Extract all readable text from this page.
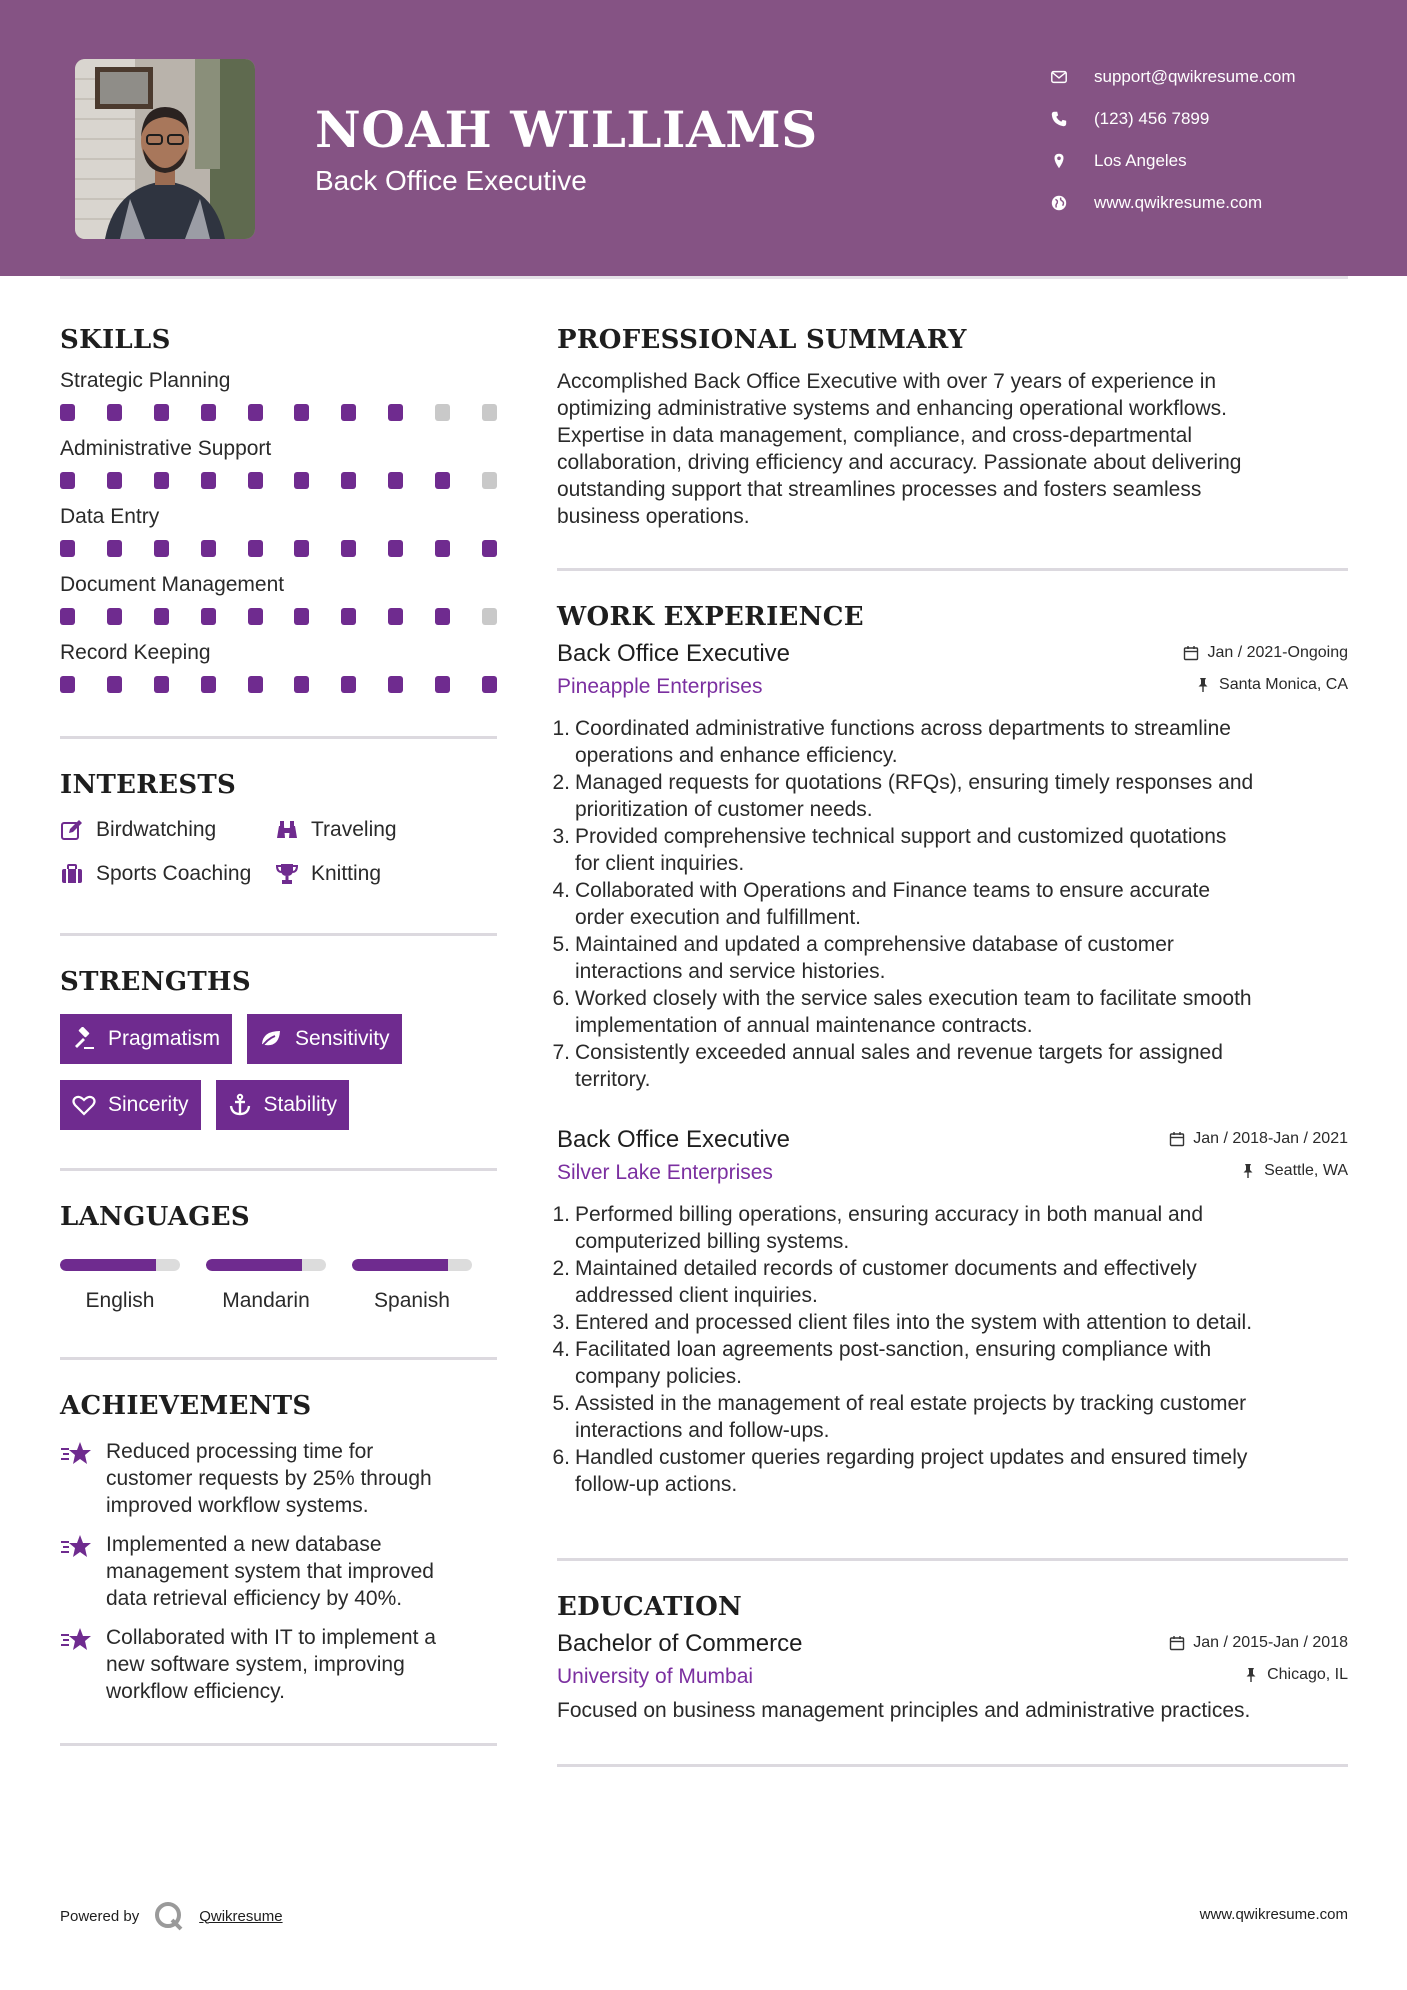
NOAH WILLIAMS
Back Office Executive
support@qwikresume.com
(123) 456 7899
Los Angeles
www.qwikresume.com
SKILLS
Strategic Planning
Administrative Support
Data Entry
Document Management
Record Keeping
INTERESTS
Birdwatching	Traveling
Sports Coaching	Knitting
STRENGTHS
Pragmatism	Sensitivity
Sincerity	Stability
LANGUAGES
English	Mandarin	Spanish
ACHIEVEMENTS
Reduced processing time for
customer requests by 25% through
improved workflow systems.
Implemented a new database
management system that improved
data retrieval efficiency by 40%.
Collaborated with IT to implement a
new software system, improving
workflow efficiency.
PROFESSIONAL SUMMARY
Accomplished Back Office Executive with over 7 years of experience in
optimizing administrative systems and enhancing operational workflows.
Expertise in data management, compliance, and cross-departmental
collaboration, driving efficiency and accuracy. Passionate about delivering
outstanding support that streamlines processes and fosters seamless
business operations.
WORK EXPERIENCE
Back Office Executive	Jan / 2021-Ongoing
Pineapple Enterprises	Santa Monica, CA
1. Coordinated administrative functions across departments to streamline
operations and enhance efficiency.
2. Managed requests for quotations (RFQs), ensuring timely responses and
prioritization of customer needs.
3. Provided comprehensive technical support and customized quotations
for client inquiries.
4. Collaborated with Operations and Finance teams to ensure accurate
order execution and fulfillment.
5. Maintained and updated a comprehensive database of customer
interactions and service histories.
6. Worked closely with the service sales execution team to facilitate smooth
implementation of annual maintenance contracts.
7. Consistently exceeded annual sales and revenue targets for assigned
territory.
Back Office Executive	Jan / 2018-Jan / 2021
Silver Lake Enterprises	Seattle, WA
1. Performed billing operations, ensuring accuracy in both manual and
computerized billing systems.
2. Maintained detailed records of customer documents and effectively
addressed client inquiries.
3. Entered and processed client files into the system with attention to detail.
4. Facilitated loan agreements post-sanction, ensuring compliance with
company policies.
5. Assisted in the management of real estate projects by tracking customer
interactions and follow-ups.
6. Handled customer queries regarding project updates and ensured timely
follow-up actions.
EDUCATION
Bachelor of Commerce	Jan / 2015-Jan / 2018
University of Mumbai	Chicago, IL
Focused on business management principles and administrative practices.
Powered by	Qwikresume	www.qwikresume.com
